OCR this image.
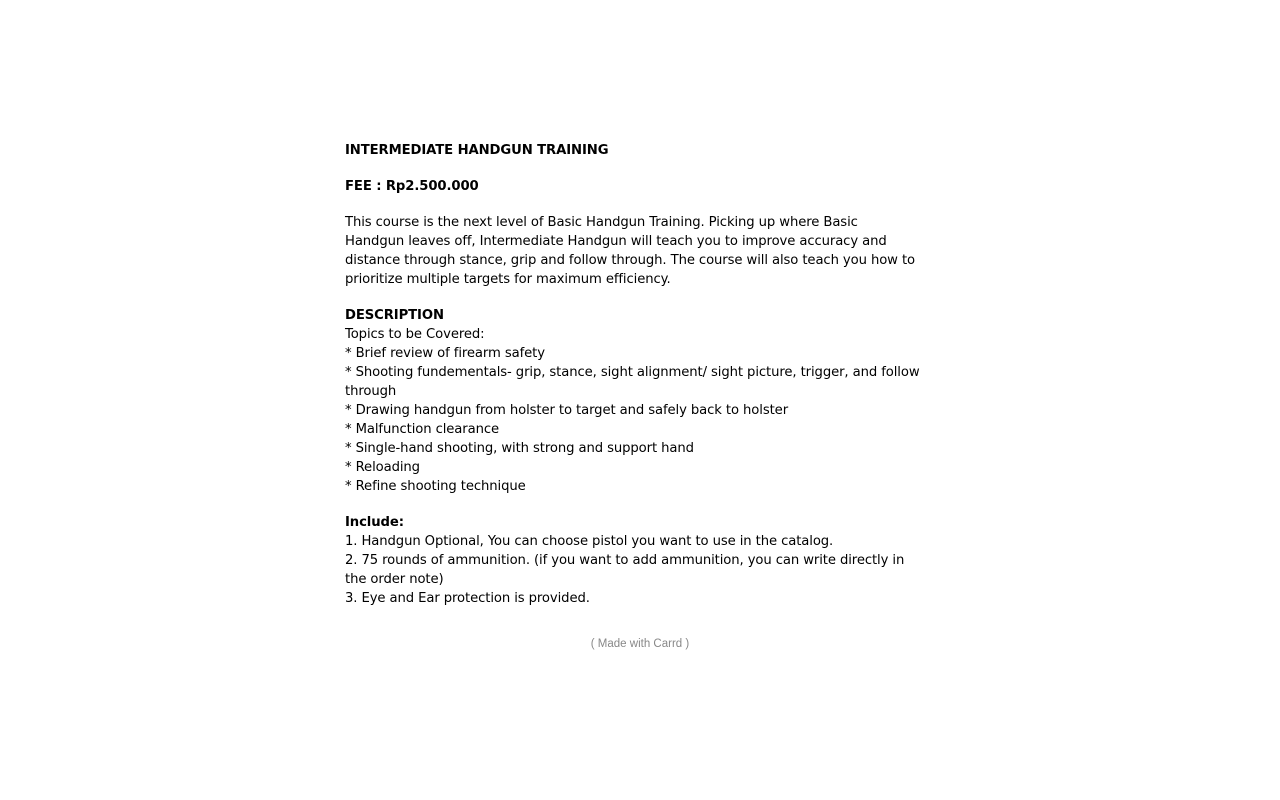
INTERMEDIATE HANDGUN TRAINING

FEE : Rp2.500.000

This course is the next level of Basic Handgun Training. Picking up where Basic Handgun leaves off, Intermediate Handgun will teach you to improve accuracy and distance through stance, grip and follow through. The course will also teach you how to prioritize multiple targets for maximum efficiency.

DESCRIPTION

Topics to be Covered:

* Brief review of firearm safety
* Shooting fundementals- grip, stance, sight alignment/ sight picture, trigger, and follow through
* Drawing handgun from holster to target and safely back to holster
* Malfunction clearance
* Single-hand shooting, with strong and support hand
* Reloading
* Refine shooting technique

Include:

1. Handgun Optional, You can choose pistol you want to use in the catalog.
2. 75 rounds of ammunition. (if you want to add ammunition, you can write directly in the order note)
3. Eye and Ear protection is provided.
( Made with Carrd )
